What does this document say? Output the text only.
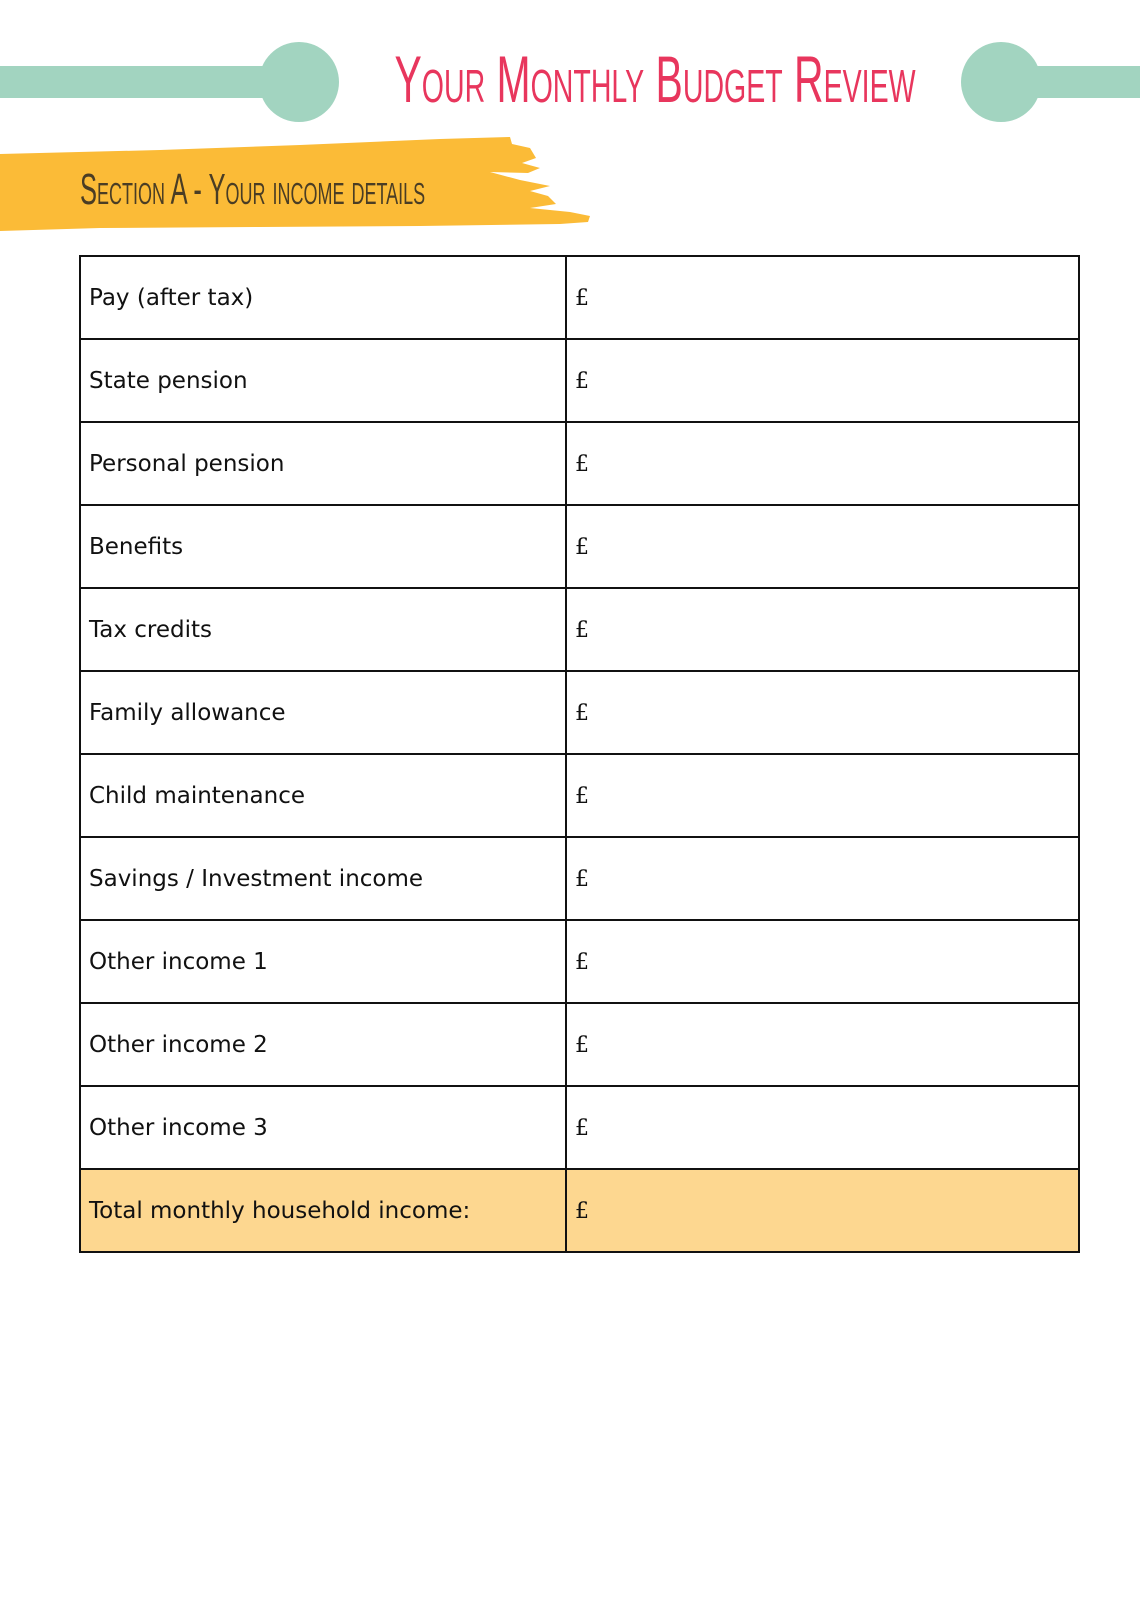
Your Monthly Budget Review
Section A - Your income details
Pay (after tax)	£
State pension	£
Personal pension	£
Benefits	£
Tax credits	£
Family allowance	£
Child maintenance	£
Savings / Investment income	£
Other income 1	£
Other income 2	£
Other income 3	£
Total monthly household income:	£
